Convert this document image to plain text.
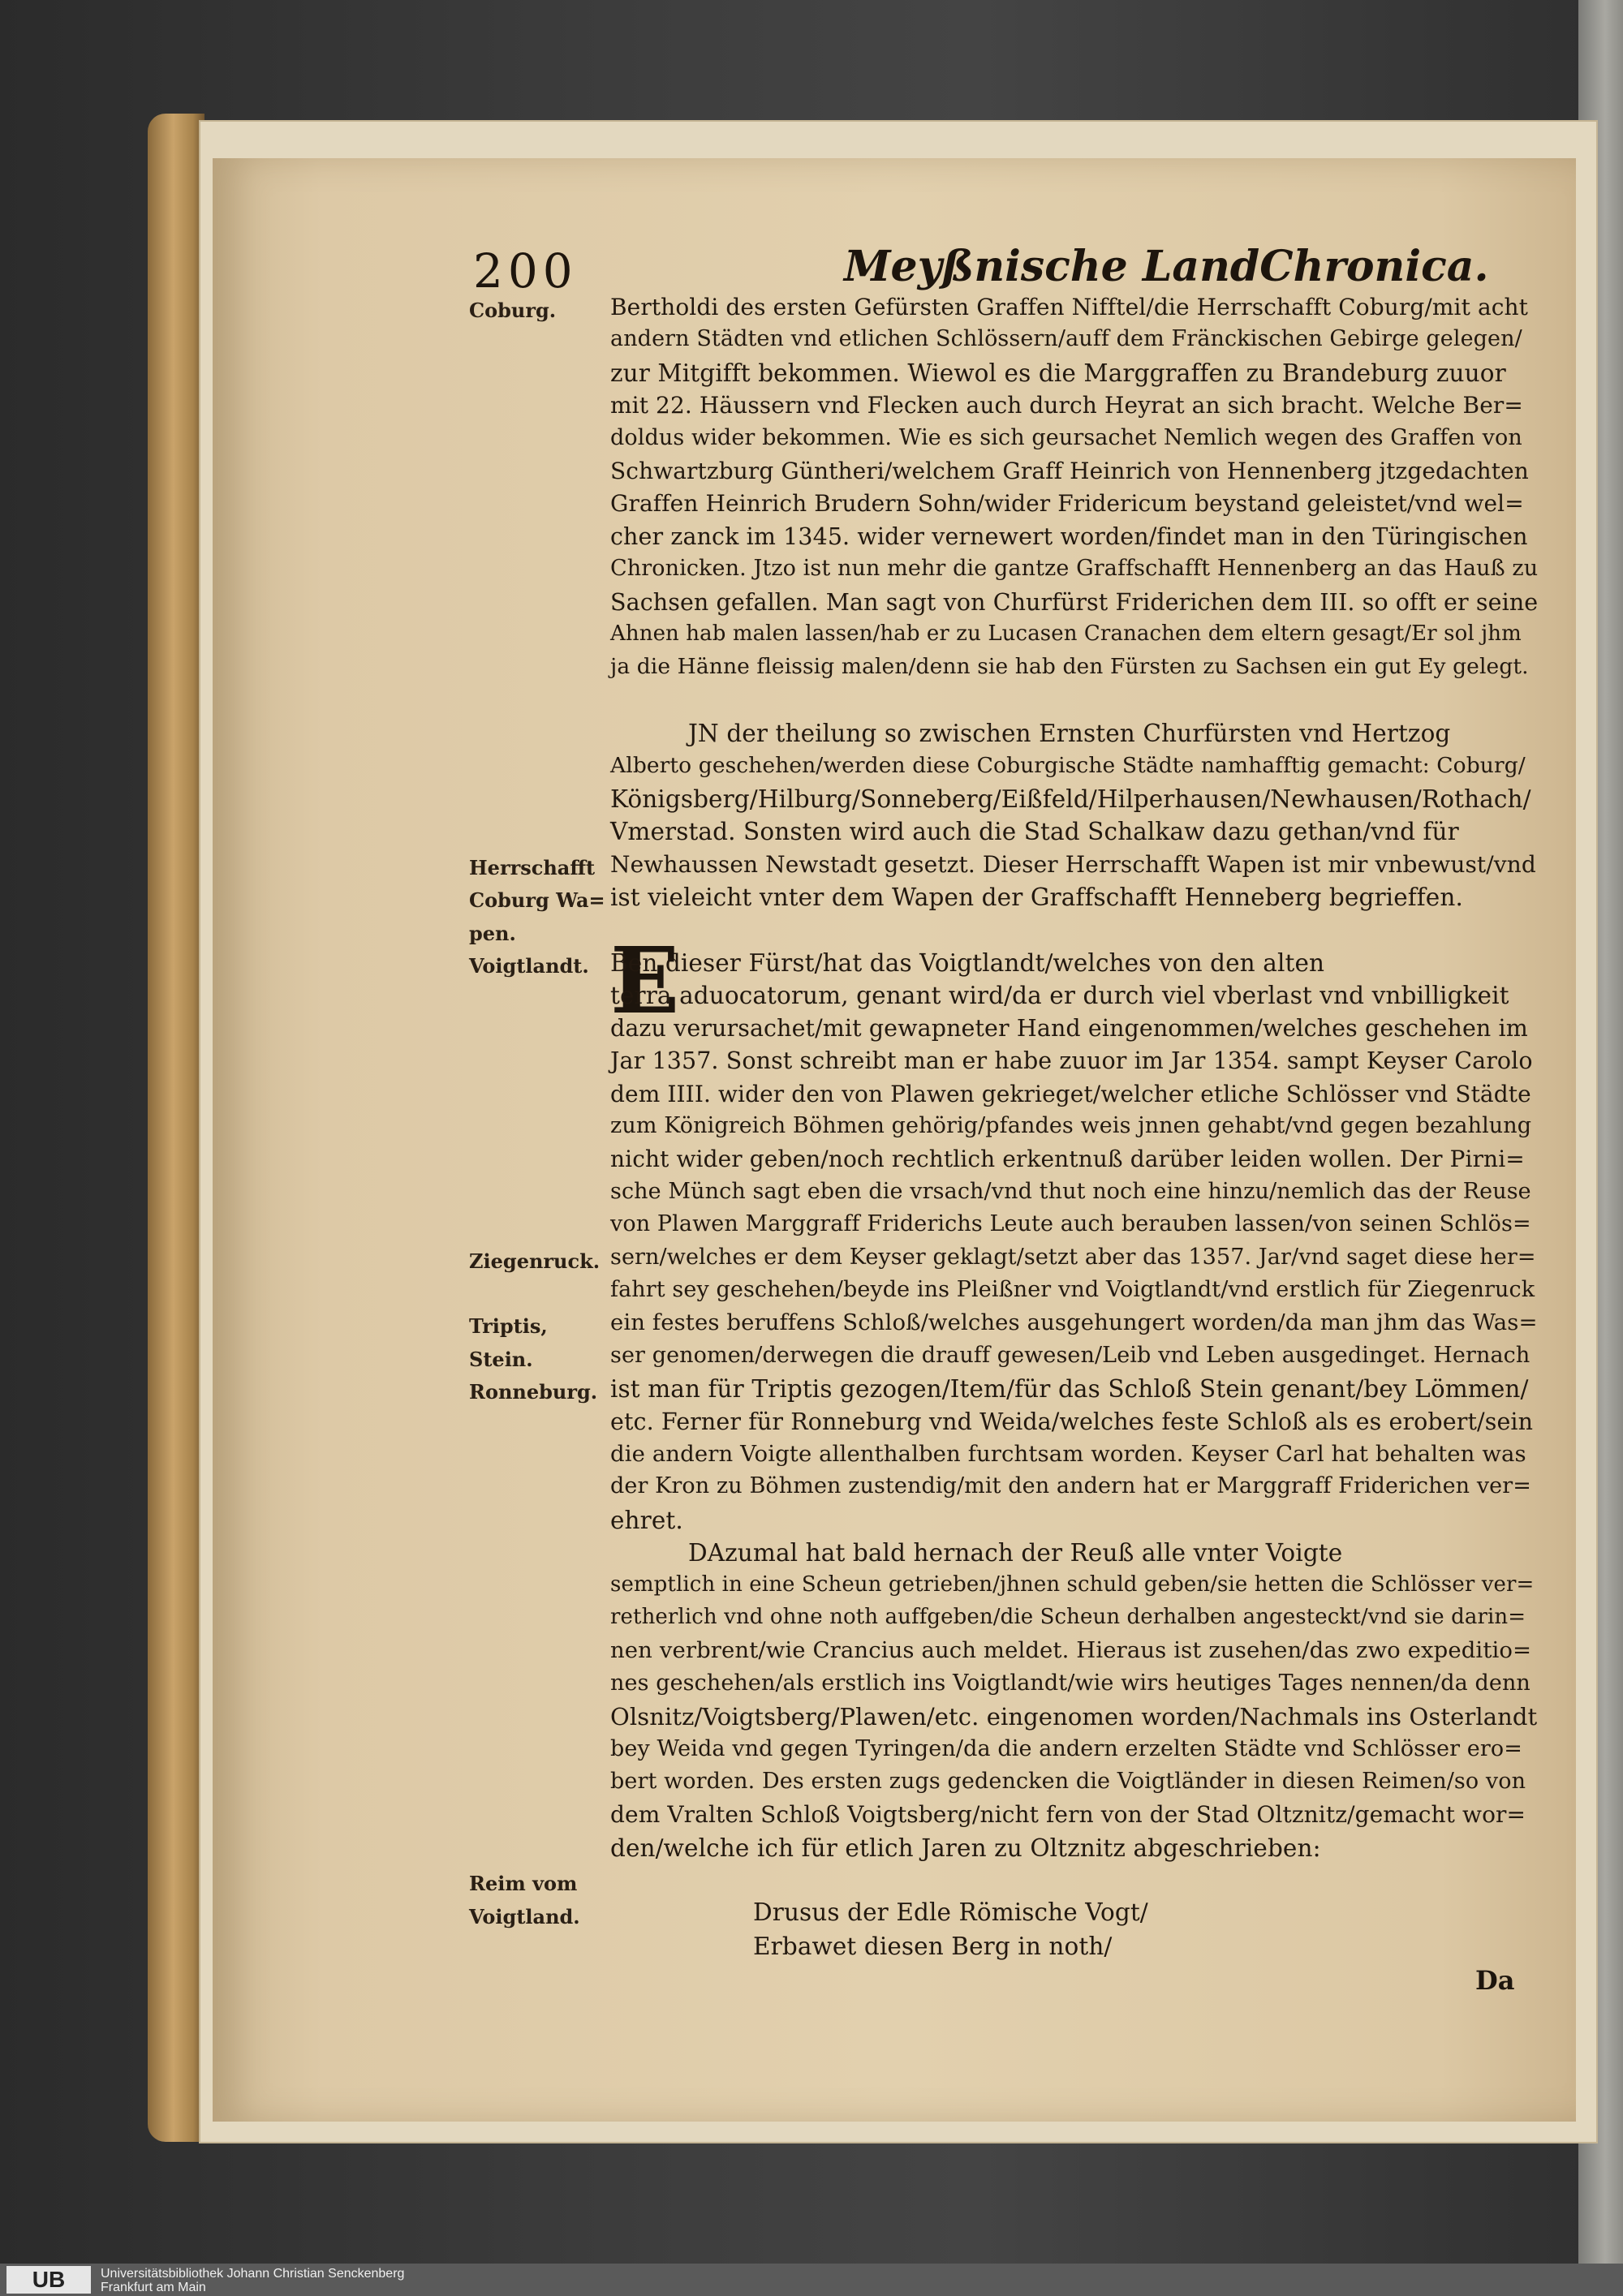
200	Meyßnische LandChronica.
E
Bertholdi des ersten Gefürsten Graffen Nifftel/die Herrschafft Coburg/mit acht
andern Städten vnd etlichen Schlössern/auff dem Fränckischen Gebirge gelegen/
zur Mitgifft bekommen. Wiewol es die Marggraffen zu Brandeburg zuuor
mit 22. Häussern vnd Flecken auch durch Heyrat an sich bracht. Welche Ber=
doldus wider bekommen. Wie es sich geursachet Nemlich wegen des Graffen von
Schwartzburg Güntheri/welchem Graff Heinrich von Hennenberg jtzgedachten
Graffen Heinrich Brudern Sohn/wider Fridericum beystand geleistet/vnd wel=
cher zanck im 1345. wider vernewert worden/findet man in den Türingischen
Chronicken. Jtzo ist nun mehr die gantze Graffschafft Hennenberg an das Hauß zu
Sachsen gefallen. Man sagt von Churfürst Friderichen dem III. so offt er seine
Ahnen hab malen lassen/hab er zu Lucasen Cranachen dem eltern gesagt/Er sol jhm
ja die Hänne fleissig malen/denn sie hab den Fürsten zu Sachsen ein gut Ey gelegt.
JN der theilung so zwischen Ernsten Churfürsten vnd Hertzog
Alberto geschehen/werden diese Coburgische Städte namhafftig gemacht: Coburg/
Königsberg/Hilburg/Sonneberg/Eißfeld/Hilperhausen/Newhausen/Rothach/
Vmerstad. Sonsten wird auch die Stad Schalkaw dazu gethan/vnd für
Newhaussen Newstadt gesetzt. Dieser Herrschafft Wapen ist mir vnbewust/vnd
ist vieleicht vnter dem Wapen der Graffschafft Henneberg begrieffen.
Ben dieser Fürst/hat das Voigtlandt/welches von den alten
terra aduocatorum, genant wird/da er durch viel vberlast vnd vnbilligkeit
dazu verursachet/mit gewapneter Hand eingenommen/welches geschehen im
Jar 1357. Sonst schreibt man er habe zuuor im Jar 1354. sampt Keyser Carolo
dem IIII. wider den von Plawen gekrieget/welcher etliche Schlösser vnd Städte
zum Königreich Böhmen gehörig/pfandes weis jnnen gehabt/vnd gegen bezahlung
nicht wider geben/noch rechtlich erkentnuß darüber leiden wollen. Der Pirni=
sche Münch sagt eben die vrsach/vnd thut noch eine hinzu/nemlich das der Reuse
von Plawen Marggraff Friderichs Leute auch berauben lassen/von seinen Schlös=
sern/welches er dem Keyser geklagt/setzt aber das 1357. Jar/vnd saget diese her=
fahrt sey geschehen/beyde ins Pleißner vnd Voigtlandt/vnd erstlich für Ziegenruck
ein festes beruffens Schloß/welches ausgehungert worden/da man jhm das Was=
ser genomen/derwegen die drauff gewesen/Leib vnd Leben ausgedinget. Hernach
ist man für Triptis gezogen/Item/für das Schloß Stein genant/bey Lömmen/
etc. Ferner für Ronneburg vnd Weida/welches feste Schloß als es erobert/sein
die andern Voigte allenthalben furchtsam worden. Keyser Carl hat behalten was
der Kron zu Böhmen zustendig/mit den andern hat er Marggraff Friderichen ver=
ehret.
DAzumal hat bald hernach der Reuß alle vnter Voigte
semptlich in eine Scheun getrieben/jhnen schuld geben/sie hetten die Schlösser ver=
retherlich vnd ohne noth auffgeben/die Scheun derhalben angesteckt/vnd sie darin=
nen verbrent/wie Crancius auch meldet. Hieraus ist zusehen/das zwo expeditio=
nes geschehen/als erstlich ins Voigtlandt/wie wirs heutiges Tages nennen/da denn
Olsnitz/Voigtsberg/Plawen/etc. eingenomen worden/Nachmals ins Osterlandt
bey Weida vnd gegen Tyringen/da die andern erzelten Städte vnd Schlösser ero=
bert worden. Des ersten zugs gedencken die Voigtländer in diesen Reimen/so von
dem Vralten Schloß Voigtsberg/nicht fern von der Stad Oltznitz/gemacht wor=
den/welche ich für etlich Jaren zu Oltznitz abgeschrieben:
Coburg.
Herrschafft
Coburg Wa=
pen.
Voigtlandt.
Ziegenruck.
Triptis,
Stein.
Ronneburg.
Reim vom
Voigtland.	Drusus der Edle Römische Vogt/
Erbawet diesen Berg in noth/
Da
UB	Universitätsbibliothek Johann Christian Senckenberg
Frankfurt am Main
